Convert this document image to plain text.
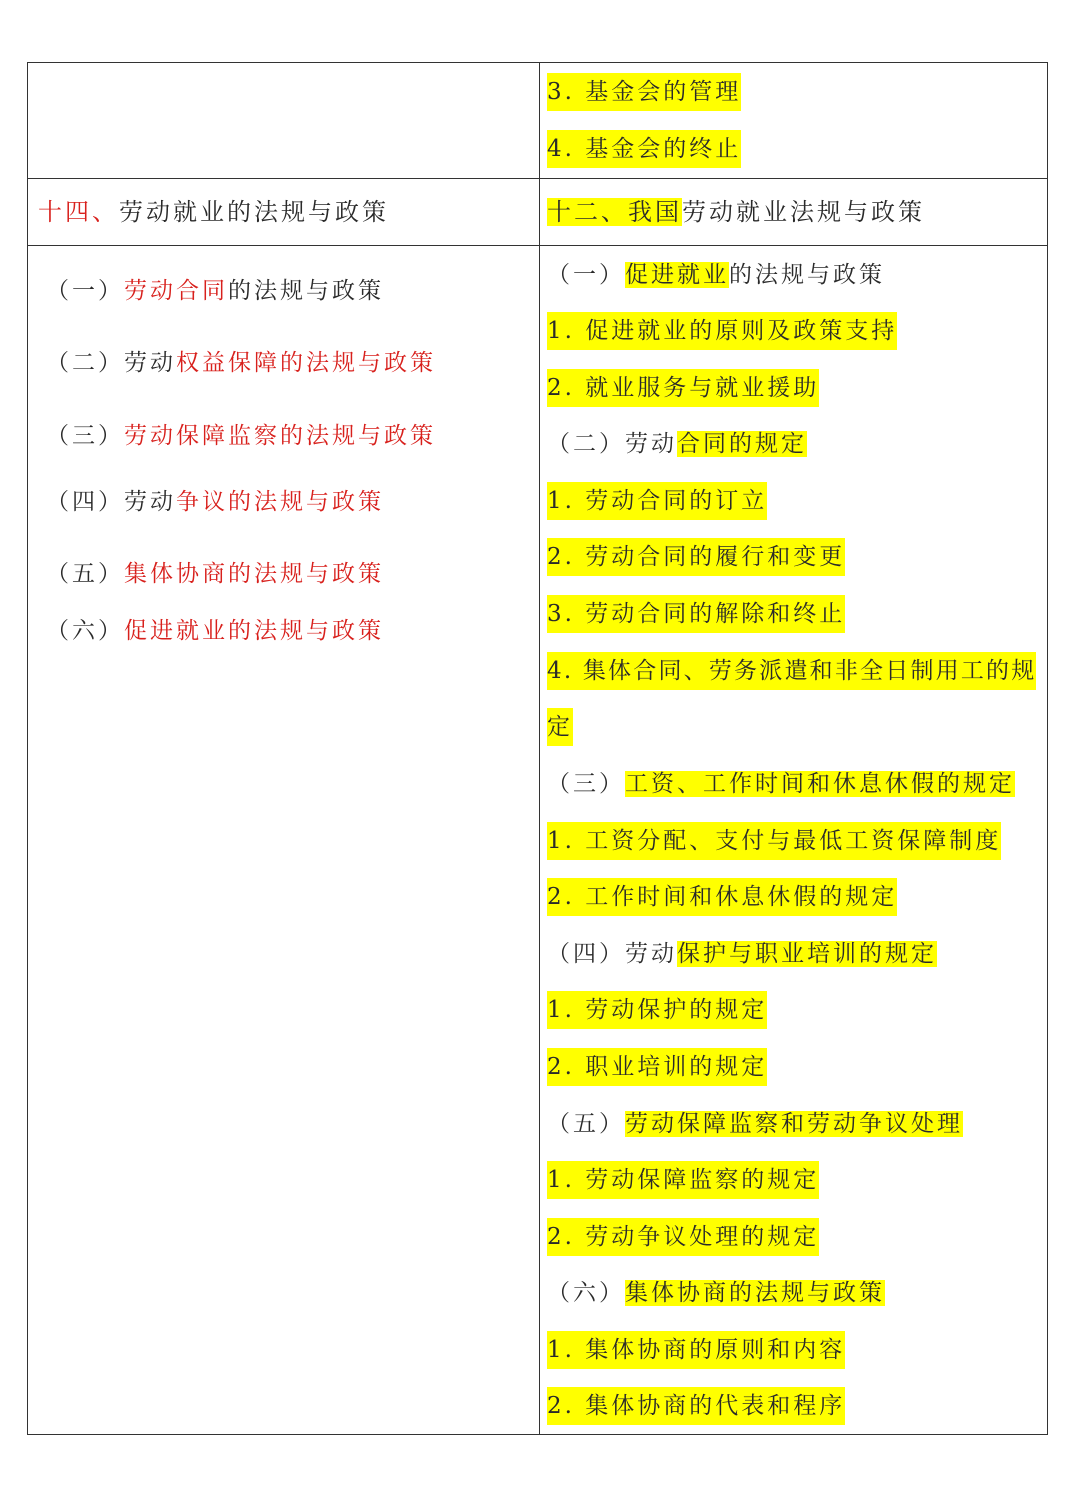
3. 基金会的管理
4. 基金会的终止
十四、劳动就业的法规与政策	十二、我国劳动就业法规与政策
（一）劳动合同的法规与政策
（二）劳动权益保障的法规与政策
（三）劳动保障监察的法规与政策
（四）劳动争议的法规与政策
（五）集体协商的法规与政策
（六）促进就业的法规与政策
（一）促进就业的法规与政策
1. 促进就业的原则及政策支持
2. 就业服务与就业援助
（二）劳动合同的规定
1. 劳动合同的订立
2. 劳动合同的履行和变更
3. 劳动合同的解除和终止
4. 集体合同、劳务派遣和非全日制用工的规
定
（三）工资、工作时间和休息休假的规定
1. 工资分配、支付与最低工资保障制度
2. 工作时间和休息休假的规定
（四）劳动保护与职业培训的规定
1. 劳动保护的规定
2. 职业培训的规定
（五）劳动保障监察和劳动争议处理
1. 劳动保障监察的规定
2. 劳动争议处理的规定
（六）集体协商的法规与政策
1. 集体协商的原则和内容
2. 集体协商的代表和程序
